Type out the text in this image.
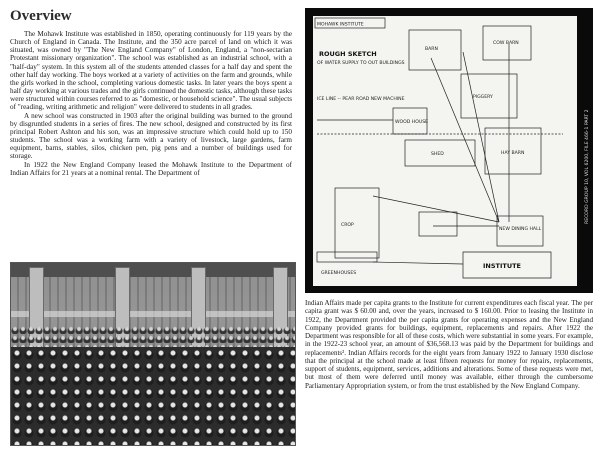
Overview

The Mohawk Institute was established in 1850, operating continuously for 119 years by the Church of England in Canada. The Institute, and the 350 acre parcel of land on which it was situated, was owned by "The New England Company" of London, England, a "non-sectarian Protestant missionary organization". The school was established as an industrial school, with a "half-day" system. In this system all of the students attended classes for a half day and spent the other half day working. The boys worked at a variety of activities on the farm and grounds, while the girls worked in the school, completing various domestic tasks. In later years the boys spent a half day working at various trades and the girls continued the domestic tasks, although these tasks were structured within courses referred to as "domestic, or household science". The usual subjects of "reading, writing arithmetic and religion" were delivered to students in all grades.

A new school was constructed in 1903 after the original building was burned to the ground by disgruntled students in a series of fires. The new school, designed and constructed by its first principal Robert Ashton and his son, was an impressive structure which could hold up to 150 students. The school was a working farm with a variety of livestock, large gardens, farm equipment, barns, stables, silos, chicken pen, pig pens and a number of buildings used for storage.

In 1922 the New England Company leased the Mohawk Institute to the Department of Indian Affairs for 21 years at a nominal rental. The Department of

MOHAWK INSTITUTE
ROUGH SKETCH
OF WATER SUPPLY TO OUT BUILDINGS
BARN
COW BARN
ICE LINE -- PEAR ROAD NEW MACHINE
WOOD HOUSE
SHED
PIGGERY
HAY BARN
GREENHOUSES
NEW DINING HALL
INSTITUTE
CROP
RECORD GROUP 10, VOL 6200, FILE 466-1 PART 2

Indian Affairs made per capita grants to the Institute for current expenditures each fiscal year. The per capita grant was $ 60.00 and, over the years, increased to $ 160.00. Prior to leasing the Institute in 1922, the Department provided the per capita grants for operating expenses and the New England Company provided grants for buildings, equipment, replacements and repairs. After 1922 the Department was responsible for all of these costs, which were substantial in some years. For example, in the 1922-23 school year, an amount of $36,568.13 was paid by the Department for buildings and replacements². Indian Affairs records for the eight years from January 1922 to January 1930 disclose that the principal at the school made at least fifteen requests for money for repairs, replacements, support of students, equipment, services, additions and alterations. Some of these requests were met, but most of them were deferred until money was available, either through the cumbersome Parliamentary Appropriation system, or from the trust established by the New England Company.
